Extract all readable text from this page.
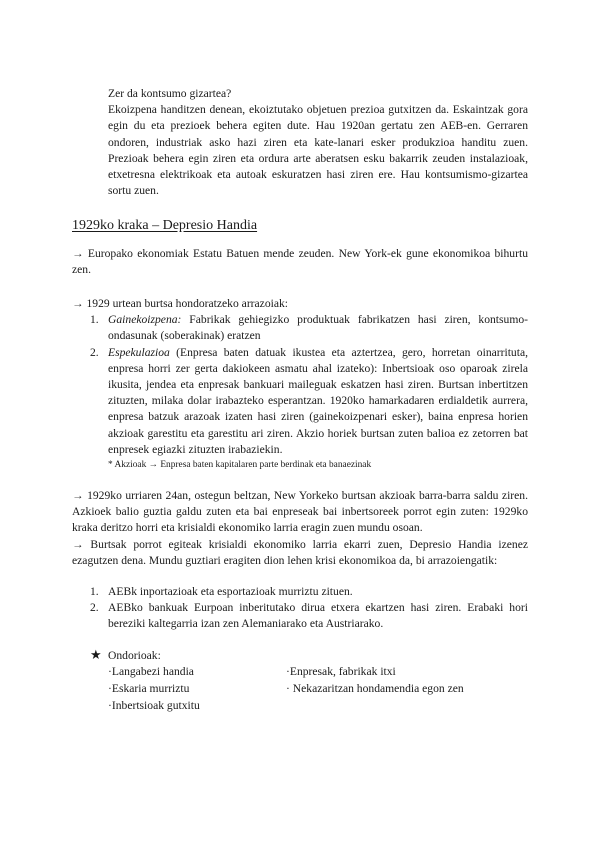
Zer da kontsumo gizartea?
Ekoizpena handitzen denean, ekoiztutako objetuen prezioa gutxitzen da. Eskaintzak gora egin du eta prezioek behera egiten dute. Hau 1920an gertatu zen AEB-en. Gerraren ondoren, industriak asko hazi ziren eta kate-lanari esker produkzioa handitu zuen. Prezioak behera egin ziren eta ordura arte aberatsen esku bakarrik zeuden instalazioak, etxetresna elektrikoak eta autoak eskuratzen hasi ziren ere. Hau kontsumismo-gizartea sortu zuen.
1929ko kraka – Depresio Handia
→ Europako ekonomiak Estatu Batuen mende zeuden. New York-ek gune ekonomikoa bihurtu zen.
→ 1929 urtean burtsa hondoratzeko arrazoiak:
1. Gainekoizpena: Fabrikak gehiegizko produktuak fabrikatzen hasi ziren, kontsumo-ondasunak (soberakinak) eratzen
2. Espekulazioa (Enpresa baten datuak ikustea eta aztertzea, gero, horretan oinarrituta, enpresa horri zer gerta dakiokeen asmatu ahal izateko): Inbertsioak oso oparoak zirela ikusita, jendea eta enpresak bankuari maileguak eskatzen hasi ziren. Burtsan inbertitzen zituzten, milaka dolar irabazteko esperantzan. 1920ko hamarkadaren erdialdetik aurrera, enpresa batzuk arazoak izaten hasi ziren (gainekoizpenari esker), baina enpresa horien akzioak garestitu eta garestitu ari ziren. Akzio horiek burtsan zuten balioa ez zetorren bat enpresek egiazki zituzten irabaziekin.
* Akzioak → Enpresa baten kapitalaren parte berdinak eta banaezinak
→ 1929ko urriaren 24an, ostegun beltzan, New Yorkeko burtsan akzioak barra-barra saldu ziren. Azkioek balio guztia galdu zuten eta bai enpreseak bai inbertsoreek porrot egin zuten: 1929ko kraka deritzo horri eta krisialdi ekonomiko larria eragin zuen mundu osoan.
→ Burtsak porrot egiteak krisialdi ekonomiko larria ekarri zuen, Depresio Handia izenez ezagutzen dena. Mundu guztiari eragiten dion lehen krisi ekonomikoa da, bi arrazoiengatik:
1. AEBk inportazioak eta esportazioak murriztu zituen.
2. AEBko bankuak Eurpoan inberitutako dirua etxera ekartzen hasi ziren. Erabaki hori bereziki kaltegarria izan zen Alemaniarako eta Austriarako.
★ Ondorioak:
·Langabezi handia	·Enpresak, fabrikak itxi
·Eskaria murriztu	· Nekazaritzan hondamendia egon zen
·Inbertsioak gutxitu
